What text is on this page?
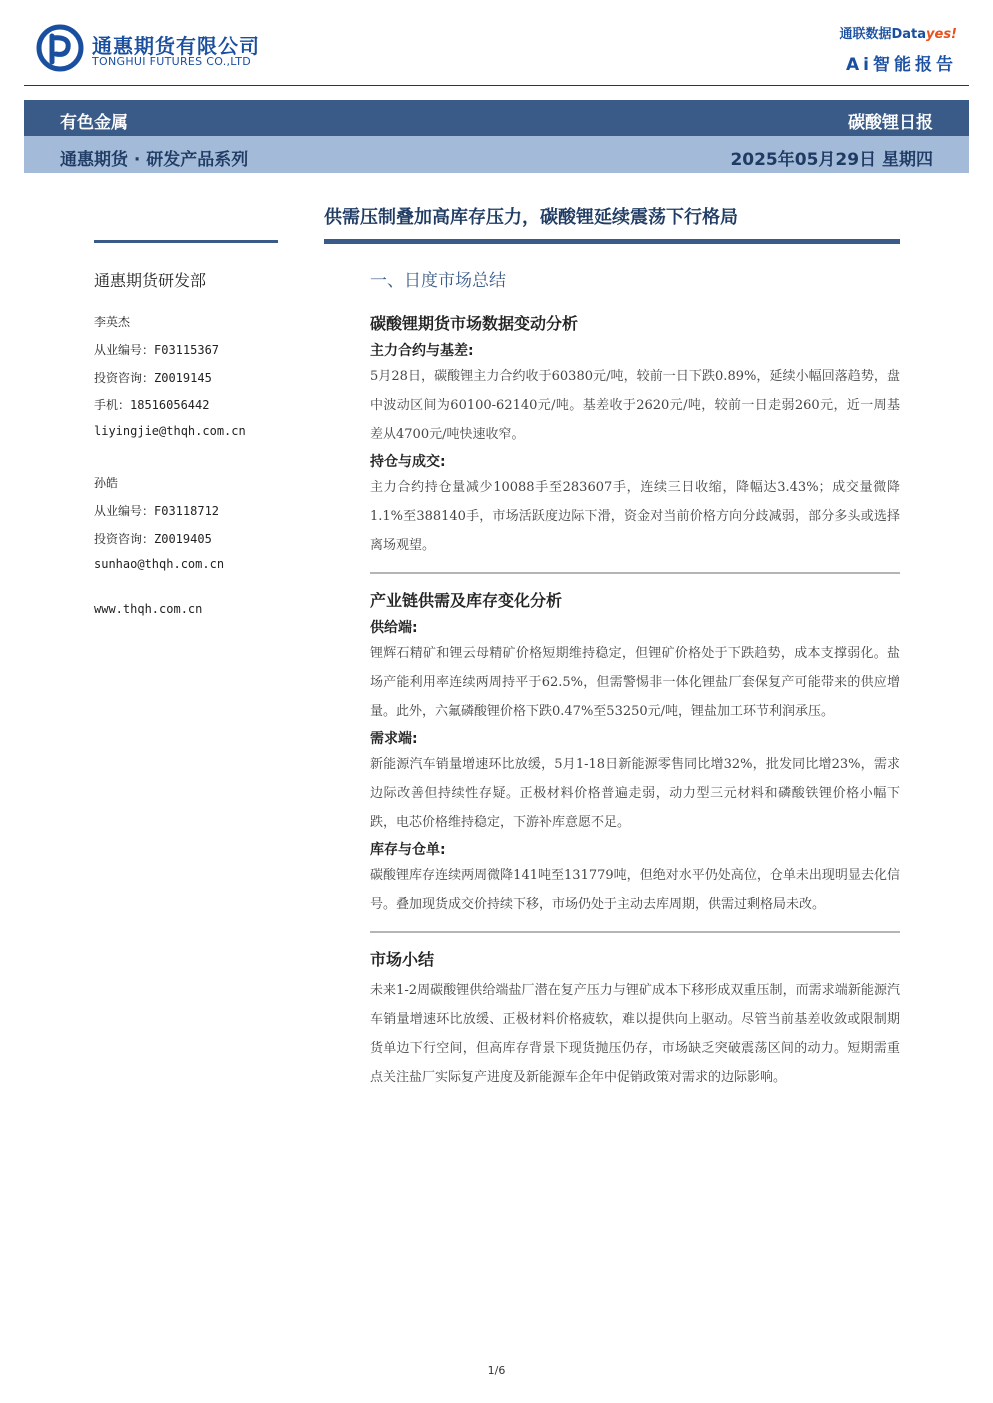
通惠期货有限公司
TONGHUI FUTURES CO.,LTD
通联数据Datayes!
Ai智能报告
有色金属	碳酸锂日报
通惠期货 · 研发产品系列	2025年05月29日 星期四
供需压制叠加高库存压力，碳酸锂延续震荡下行格局
通惠期货研发部
李英杰
从业编号：F03115367
投资咨询：Z0019145
手机：18516056442
liyingjie@thqh.com.cn
孙皓
从业编号：F03118712
投资咨询：Z0019405
sunhao@thqh.com.cn
www.thqh.com.cn
一、日度市场总结
碳酸锂期货市场数据变动分析
主力合约与基差:

5月28日，碳酸锂主力合约收于60380元/吨，较前一日下跌0.89%，延续小幅回落趋势，盘中波动区间为60100-62140元/吨。基差收于2620元/吨，较前一日走弱260元，近一周基差从4700元/吨快速收窄。

持仓与成交:

主力合约持仓量减少10088手至283607手，连续三日收缩，降幅达3.43%；成交量微降1.1%至388140手，市场活跃度边际下滑，资金对当前价格方向分歧减弱，部分多头或选择离场观望。

产业链供需及库存变化分析
供给端:

锂辉石精矿和锂云母精矿价格短期维持稳定，但锂矿价格处于下跌趋势，成本支撑弱化。盐场产能利用率连续两周持平于62.5%，但需警惕非一体化锂盐厂套保复产可能带来的供应增量。此外，六氟磷酸锂价格下跌0.47%至53250元/吨，锂盐加工环节利润承压。

需求端:

新能源汽车销量增速环比放缓，5月1-18日新能源零售同比增32%，批发同比增23%，需求边际改善但持续性存疑。正极材料价格普遍走弱，动力型三元材料和磷酸铁锂价格小幅下跌，电芯价格维持稳定，下游补库意愿不足。

库存与仓单:

碳酸锂库存连续两周微降141吨至131779吨，但绝对水平仍处高位，仓单未出现明显去化信号。叠加现货成交价持续下移，市场仍处于主动去库周期，供需过剩格局未改。

市场小结

未来1-2周碳酸锂供给端盐厂潜在复产压力与锂矿成本下移形成双重压制，而需求端新能源汽车销量增速环比放缓、正极材料价格疲软，难以提供向上驱动。尽管当前基差收敛或限制期货单边下行空间，但高库存背景下现货抛压仍存，市场缺乏突破震荡区间的动力。短期需重点关注盐厂实际复产进度及新能源车企年中促销政策对需求的边际影响。

1/6
